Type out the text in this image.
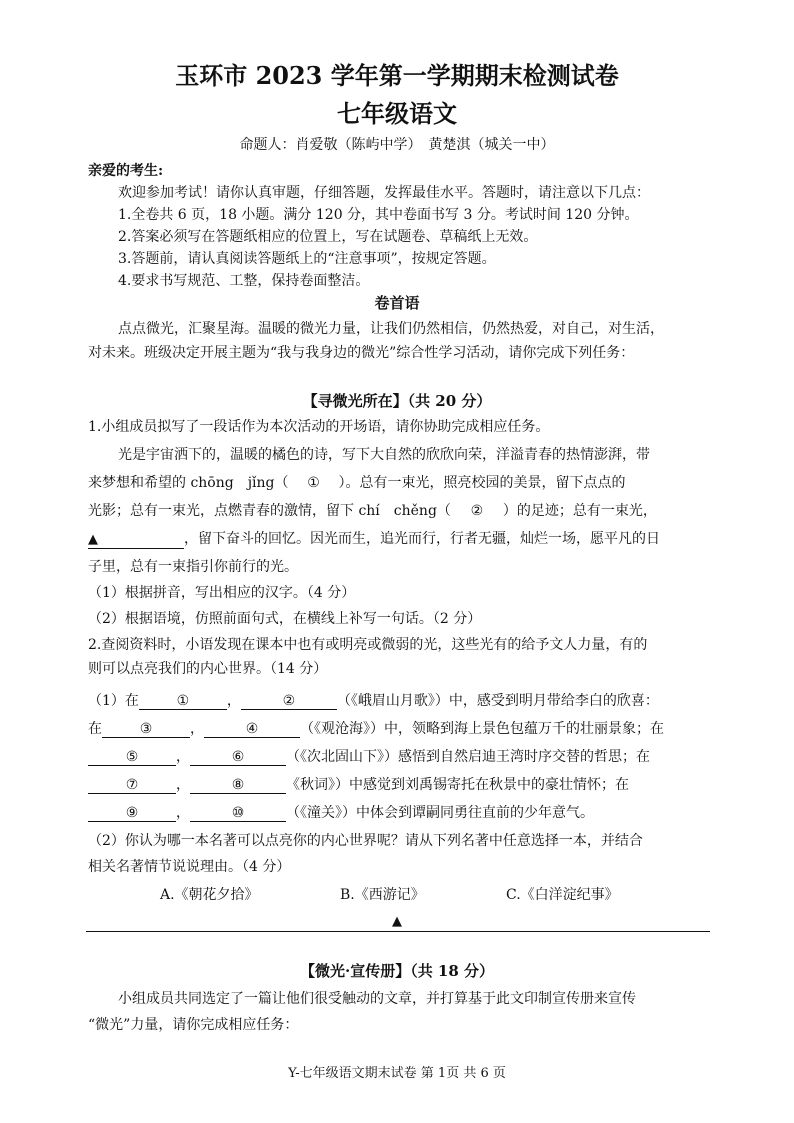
玉环市 2023 学年第一学期期末检测试卷
七年级语文
命题人：肖爱敬（陈屿中学）　黄楚淇（城关一中）
亲爱的考生:
欢迎参加考试！请你认真审题，仔细答题，发挥最佳水平。答题时，请注意以下几点：
1.全卷共 6 页，18 小题。满分 120 分，其中卷面书写 3 分。考试时间 120 分钟。
2.答案必须写在答题纸相应的位置上，写在试题卷、草稿纸上无效。
3.答题前，请认真阅读答题纸上的“注意事项”，按规定答题。
4.要求书写规范、工整，保持卷面整洁。
卷首语
点点微光，汇聚星海。温暖的微光力量，让我们仍然相信，仍然热爱，对自己，对生活，
对未来。班级决定开展主题为“我与我身边的微光”综合性学习活动，请你完成下列任务：
【寻微光所在】（共 20 分）
1.小组成员拟写了一段话作为本次活动的开场语，请你协助完成相应任务。
光是宇宙洒下的，温暖的橘色的诗，写下大自然的欣欣向荣，洋溢青春的热情澎湃，带
来梦想和希望的 chōng　jǐng（ ① ）。总有一束光，照亮校园的美景，留下点点的
光影；总有一束光，点燃青春的激情，留下 chí　chěng（ ② ）的足迹；总有一束光，
▲	，留下奋斗的回忆。因光而生，追光而行，行者无疆，灿烂一场，愿平凡的日
子里，总有一束指引你前行的光。
（1）根据拼音，写出相应的汉字。（4 分）
（2）根据语境，仿照前面句式，在横线上补写一句话。（2 分）
2.查阅资料时，小语发现在课本中也有或明亮或微弱的光，这些光有的给予文人力量，有的
则可以点亮我们的内心世界。（14 分）
（1）在	①	，	②	（《峨眉山月歌》）中，感受到明月带给李白的欣喜：
在	③	，	④	（《观沧海》）中，领略到海上景色包蕴万千的壮丽景象；在
⑤	，	⑥	（《次北固山下》）感悟到自然启迪王湾时序交替的哲思；在
⑦	，	⑧	《秋词》）中感觉到刘禹锡寄托在秋景中的豪壮情怀；在
⑨	，	⑩	（《潼关》）中体会到谭嗣同勇往直前的少年意气。
（2）你认为哪一本名著可以点亮你的内心世界呢？请从下列名著中任意选择一本，并结合
相关名著情节说说理由。（4 分）
A.《朝花夕拾》	B.《西游记》	C.《白洋淀纪事》
▲
【微光·宣传册】（共 18 分）
小组成员共同选定了一篇让他们很受触动的文章，并打算基于此文印制宣传册来宣传
“微光”力量，请你完成相应任务：
Y-七年级语文期末试卷 第 1页 共 6 页
